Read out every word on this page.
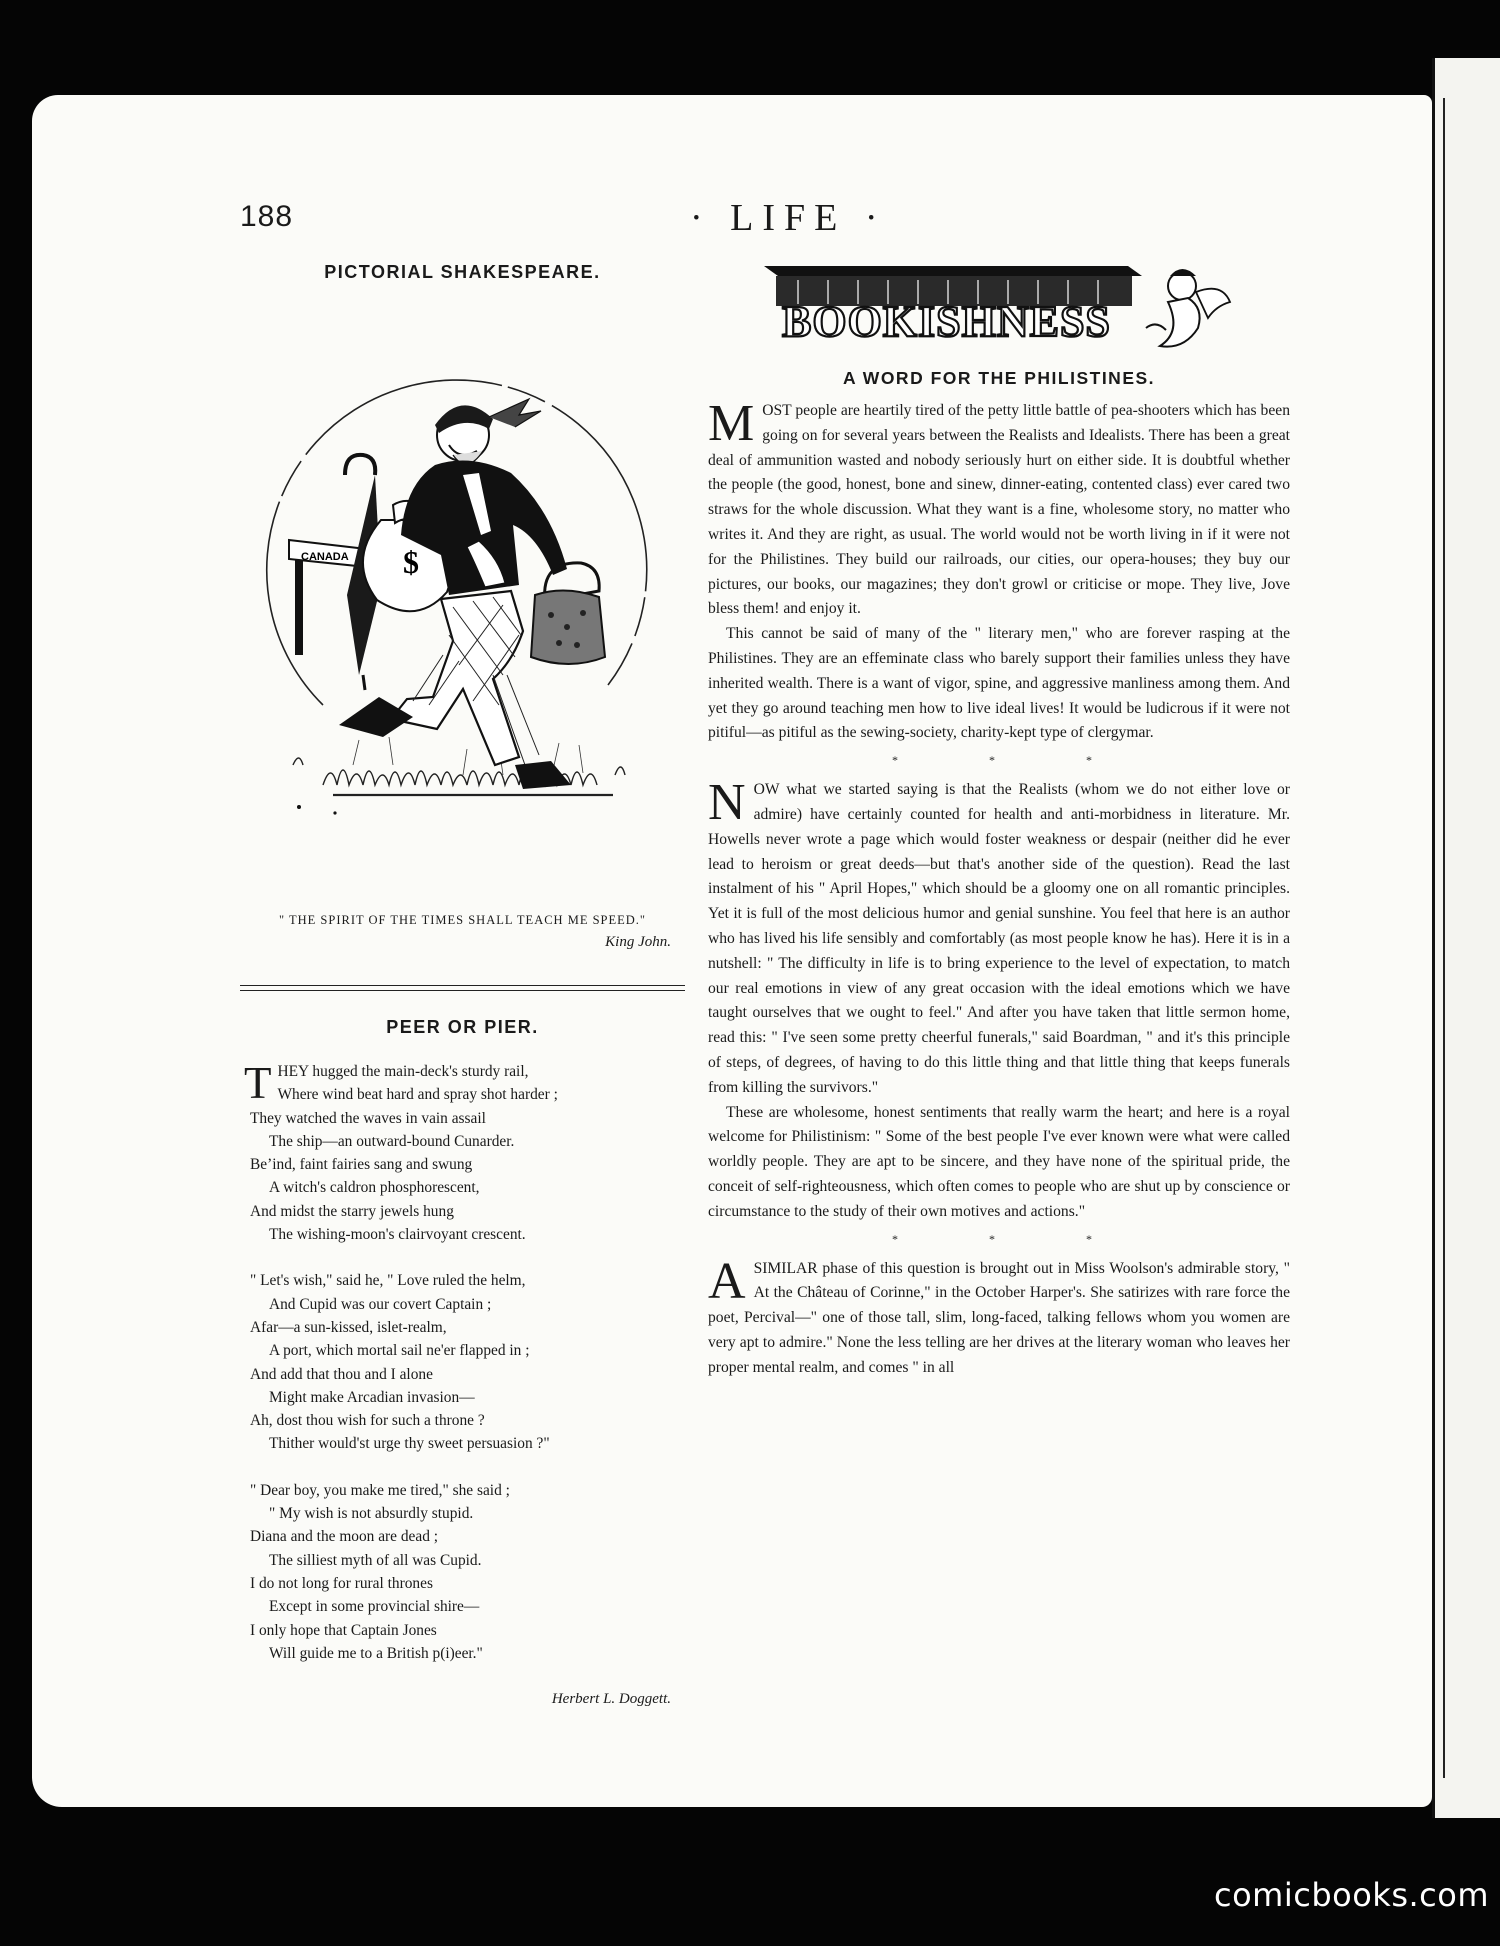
188	· LIFE ·
PICTORIAL SHAKESPEARE.
CANADA $
" THE SPIRIT OF THE TIMES SHALL TEACH ME SPEED."
King John.
PEER OR PIER.
THEY hugged the main-deck's sturdy rail,
Where wind beat hard and spray shot harder ;
They watched the waves in vain assail
The ship—an outward-bound Cunarder.
Beʼind, faint fairies sang and swung
A witch's caldron phosphorescent,
And midst the starry jewels hung
The wishing-moon's clairvoyant crescent.
" Let's wish," said he, " Love ruled the helm,
And Cupid was our covert Captain ;
Afar—a sun-kissed, islet-realm,
A port, which mortal sail ne'er flapped in ;
And add that thou and I alone
Might make Arcadian invasion—
Ah, dost thou wish for such a throne ?
Thither would'st urge thy sweet persuasion ?"
" Dear boy, you make me tired," she said ;
" My wish is not absurdly stupid.
Diana and the moon are dead ;
The silliest myth of all was Cupid.
I do not long for rural thrones
Except in some provincial shire—
I only hope that Captain Jones
Will guide me to a British p(i)eer."
Herbert L. Doggett.
BOOKISHNESS
A WORD FOR THE PHILISTINES.

MOST people are heartily tired of the petty little battle of pea-shooters which has been going on for several years between the Realists and Idealists. There has been a great deal of ammunition wasted and nobody seriously hurt on either side. It is doubtful whether the people (the good, honest, bone and sinew, dinner-eating, contented class) ever cared two straws for the whole discussion. What they want is a fine, wholesome story, no matter who writes it. And they are right, as usual. The world would not be worth living in if it were not for the Philistines. They build our railroads, our cities, our opera-houses; they buy our pictures, our books, our magazines; they don't growl or criticise or mope. They live, Jove bless them! and enjoy it.

This cannot be said of many of the " literary men," who are forever rasping at the Philistines. They are an effeminate class who barely support their families unless they have inherited wealth. There is a want of vigor, spine, and aggressive manliness among them. And yet they go around teaching men how to live ideal lives! It would be ludicrous if it were not pitiful—as pitiful as the sewing-society, charity-kept type of clergymar.

* * *

NOW what we started saying is that the Realists (whom we do not either love or admire) have certainly counted for health and anti-morbidness in literature. Mr. Howells never wrote a page which would foster weakness or despair (neither did he ever lead to heroism or great deeds—but that's another side of the question). Read the last instalment of his " April Hopes," which should be a gloomy one on all romantic principles. Yet it is full of the most delicious humor and genial sunshine. You feel that here is an author who has lived his life sensibly and comfortably (as most people know he has). Here it is in a nutshell: " The difficulty in life is to bring experience to the level of expectation, to match our real emotions in view of any great occasion with the ideal emotions which we have taught ourselves that we ought to feel." And after you have taken that little sermon home, read this: " I've seen some pretty cheerful funerals," said Boardman, " and it's this principle of steps, of degrees, of having to do this little thing and that little thing that keeps funerals from killing the survivors."

These are wholesome, honest sentiments that really warm the heart; and here is a royal welcome for Philistinism: " Some of the best people I've ever known were what were called worldly people. They are apt to be sincere, and they have none of the spiritual pride, the conceit of self-righteousness, which often comes to people who are shut up by conscience or circumstance to the study of their own motives and actions."

* * *

ASIMILAR phase of this question is brought out in Miss Woolson's admirable story, " At the Château of Corinne," in the October Harper's. She satirizes with rare force the poet, Percival—" one of those tall, slim, long-faced, talking fellows whom you women are very apt to admire." None the less telling are her drives at the literary woman who leaves her proper mental realm, and comes " in all

comicbooks.com
